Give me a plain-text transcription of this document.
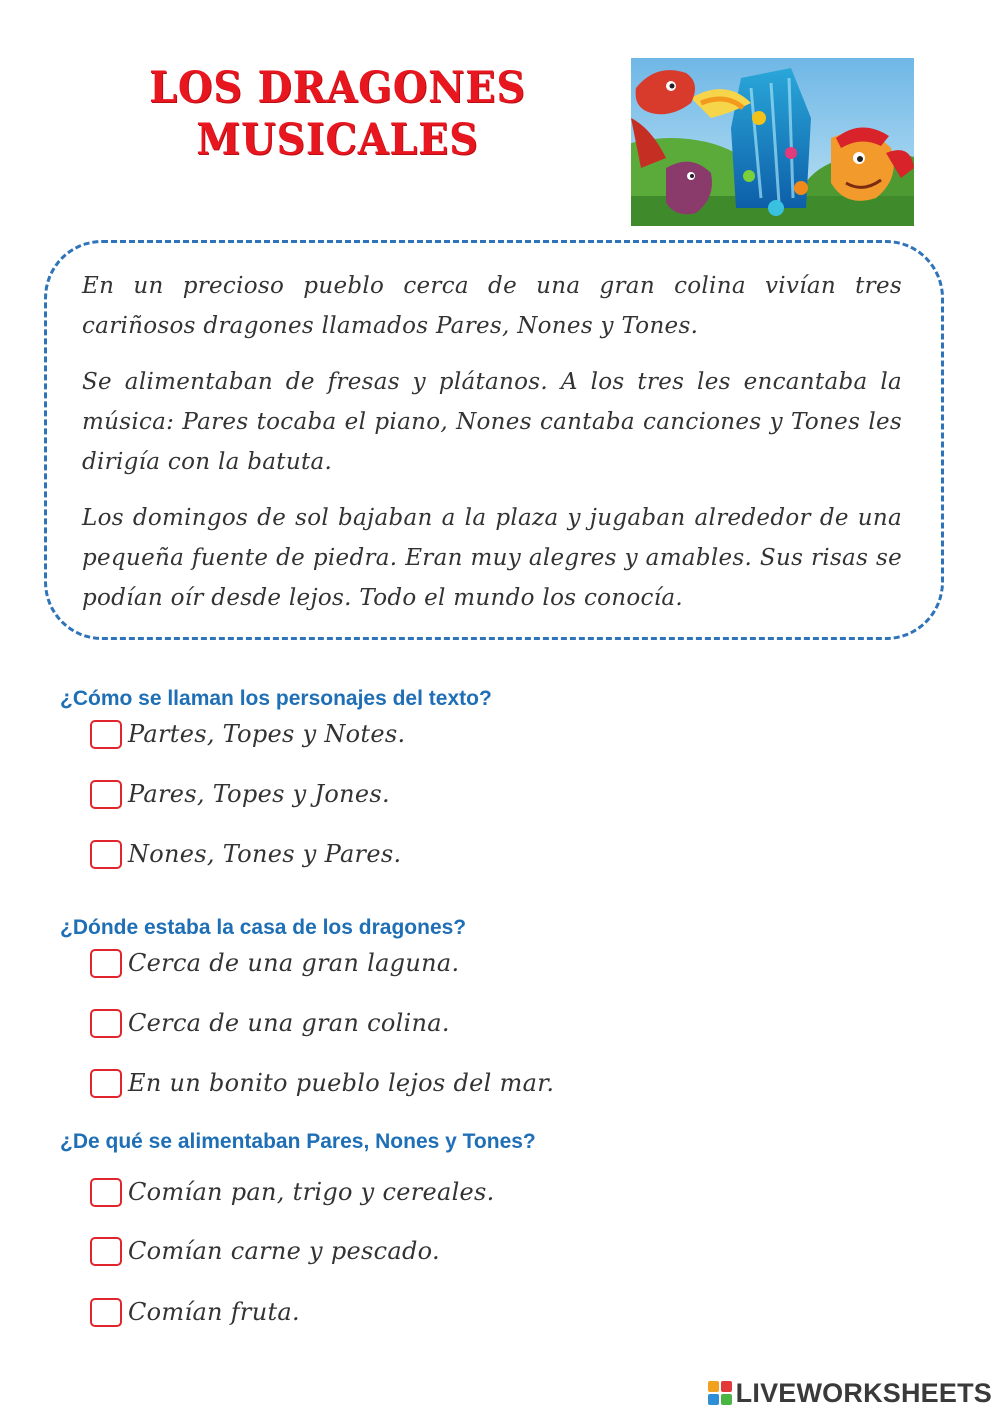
LOS DRAGONES
MUSICALES

En un precioso pueblo cerca de una gran colina vivían tres cariñosos dragones llamados Pares, Nones y Tones.

Se alimentaban de fresas y plátanos. A los tres les encantaba la música: Pares tocaba el piano, Nones cantaba canciones y Tones les dirigía con la batuta.

Los domingos de sol bajaban a la plaza y jugaban alrededor de una pequeña fuente de piedra. Eran muy alegres y amables. Sus risas se podían oír desde lejos. Todo el mundo los conocía.

¿Cómo se llaman los personajes del texto?
Partes, Topes y Notes.
Pares, Topes y Jones.
Nones, Tones y Pares.
¿Dónde estaba la casa de los dragones?
Cerca de una gran laguna.
Cerca de una gran colina.
En un bonito pueblo lejos del mar.
¿De qué se alimentaban Pares, Nones y Tones?
Comían pan, trigo y cereales.
Comían carne y pescado.
Comían fruta.
LIVEWORKSHEETS
